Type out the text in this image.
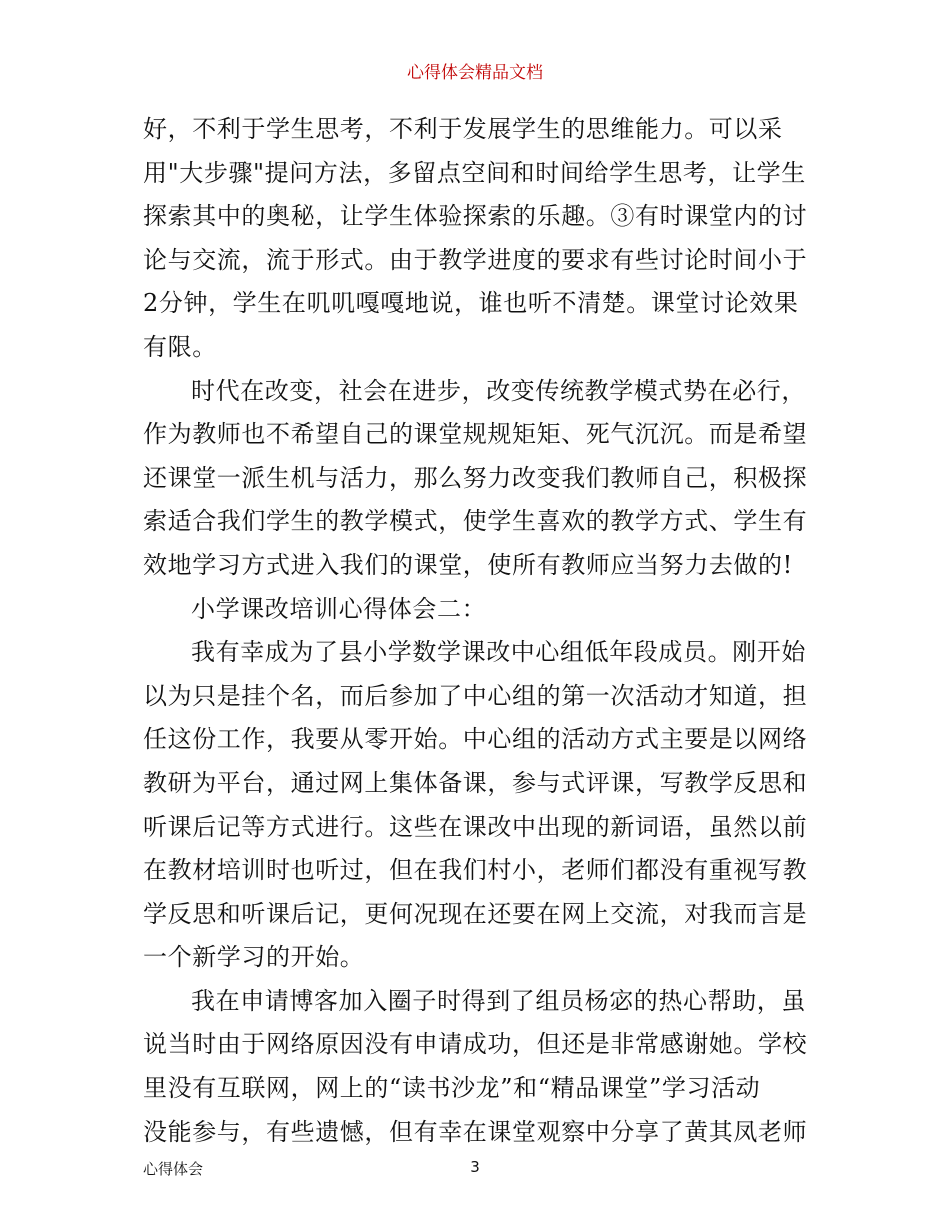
心得体会精品文档
好，不利于学生思考，不利于发展学生的思维能力。可以采
用"大步骤"提问方法，多留点空间和时间给学生思考，让学生
探索其中的奥秘，让学生体验探索的乐趣。③有时课堂内的讨
论与交流，流于形式。由于教学进度的要求有些讨论时间小于
2分钟，学生在叽叽嘎嘎地说，谁也听不清楚。课堂讨论效果
有限。
时代在改变，社会在进步，改变传统教学模式势在必行，
作为教师也不希望自己的课堂规规矩矩、死气沉沉。而是希望
还课堂一派生机与活力，那么努力改变我们教师自己，积极探
索适合我们学生的教学模式，使学生喜欢的教学方式、学生有
效地学习方式进入我们的课堂，使所有教师应当努力去做的!
小学课改培训心得体会二：
我有幸成为了县小学数学课改中心组低年段成员。刚开始
以为只是挂个名，而后参加了中心组的第一次活动才知道，担
任这份工作，我要从零开始。中心组的活动方式主要是以网络
教研为平台，通过网上集体备课，参与式评课，写教学反思和
听课后记等方式进行。这些在课改中出现的新词语，虽然以前
在教材培训时也听过，但在我们村小，老师们都没有重视写教
学反思和听课后记，更何况现在还要在网上交流，对我而言是
一个新学习的开始。
我在申请博客加入圈子时得到了组员杨宓的热心帮助，虽
说当时由于网络原因没有申请成功，但还是非常感谢她。学校
里没有互联网，网上的“读书沙龙”和“精品课堂”学习活动
没能参与，有些遗憾，但有幸在课堂观察中分享了黄其凤老师
心得体会	3
